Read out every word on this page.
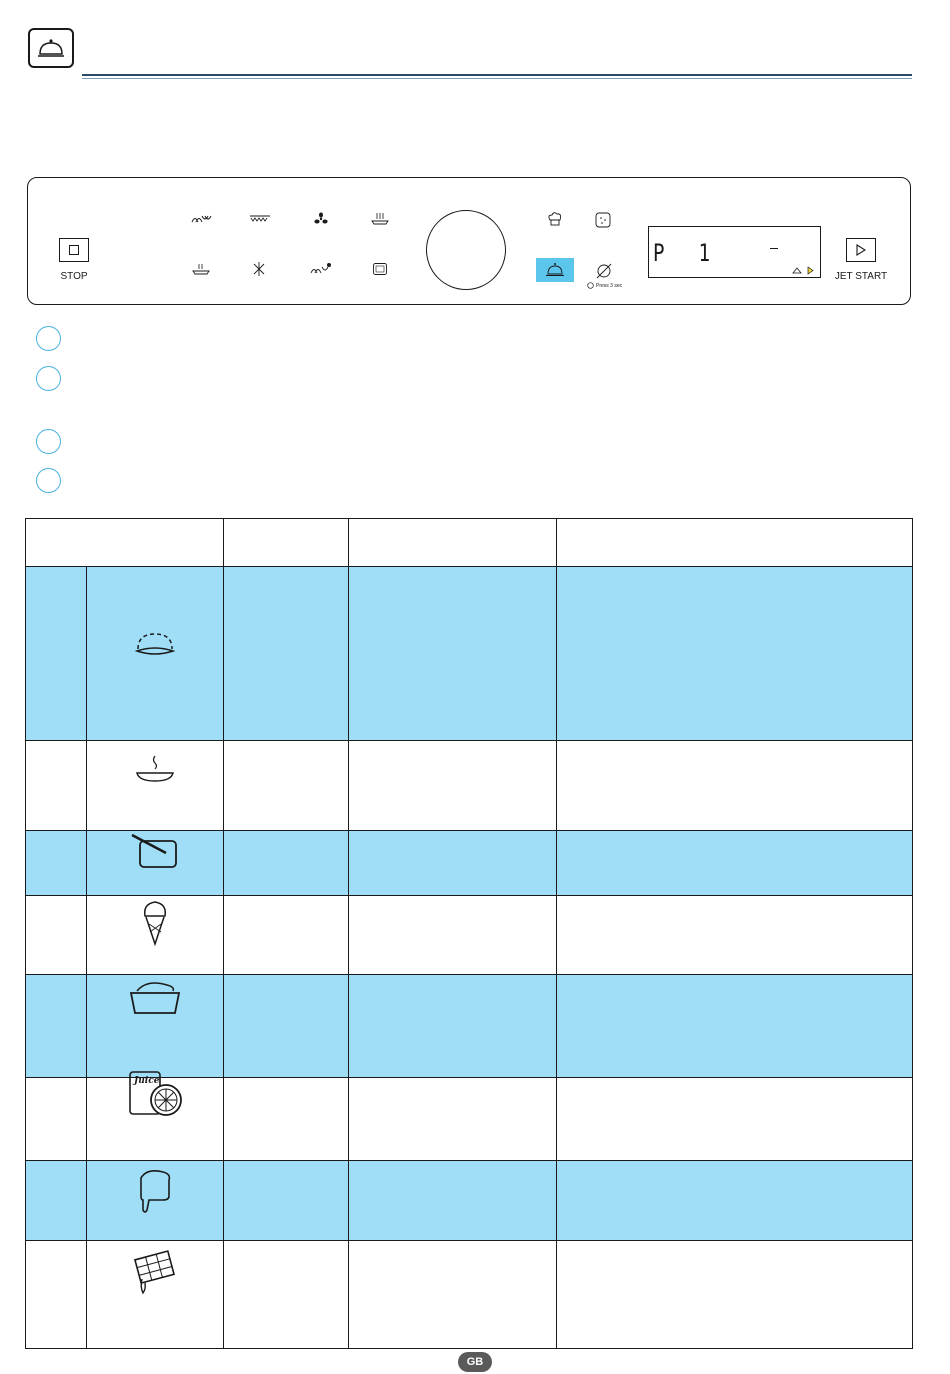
STOP
Press 3 sec
P 1
JET START

Juice			

GB
